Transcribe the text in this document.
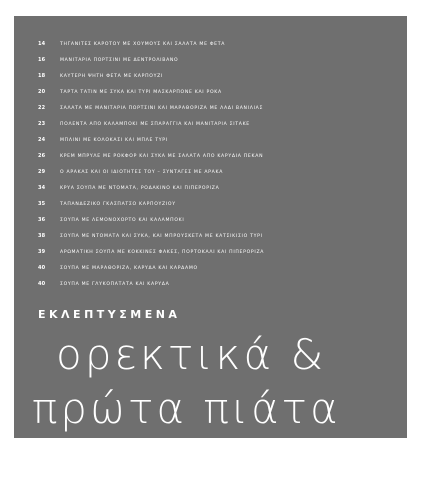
14	ΤΗΓΑΝΙΤΕΣ ΚΑΡΟΤΟΥ ΜΕ ΧΟΥΜΟΥΣ ΚΑΙ ΣΑΛΑΤΑ ΜΕ ΦΕΤΑ
16	ΜΑΝΙΤΑΡΙΑ ΠΟΡΤΣΙΝΙ ΜΕ ΔΕΝΤΡΟΛΙΒΑΝΟ
18	ΚΑΥΤΕΡΗ ΨΗΤΗ ΦΕΤΑ ΜΕ ΚΑΡΠΟΥΖΙ
20	ΤΑΡΤΑ ΤΑΤΙΝ ΜΕ ΣΥΚΑ ΚΑΙ ΤΥΡΙ ΜΑΣΚΑΡΠΟΝΕ ΚΑΙ ΡΟΚΑ
22	ΣΑΛΑΤΑ ΜΕ ΜΑΝΙΤΑΡΙΑ ΠΟΡΤΣΙΝΙ ΚΑΙ ΜΑΡΑΘΟΡΙΖΑ ΜΕ ΛΑΔΙ ΒΑΝΙΛΙΑΣ
23	ΠΟΛΕΝΤΑ ΑΠΟ ΚΑΛΑΜΠΟΚΙ ΜΕ ΣΠΑΡΑΓΓΙΑ ΚΑΙ ΜΑΝΙΤΑΡΙΑ ΣΙΤΑΚΕ
24	ΜΠΛΙΝΙ ΜΕ ΚΟΛΟΚΑΣΙ ΚΑΙ ΜΠΛΕ ΤΥΡΙ
26	ΚΡΕΜ ΜΠΡΥΛΕ ΜΕ ΡΟΚΦΟΡ ΚΑΙ ΣΥΚΑ ΜΕ ΣΑΛΑΤΑ ΑΠΟ ΚΑΡΥΔΙΑ ΠΕΚΑΝ
29	Ο ΑΡΑΚΑΣ ΚΑΙ ΟΙ ΙΔΙΟΤΗΤΕΣ ΤΟΥ – ΣΥΝΤΑΓΕΣ ΜΕ ΑΡΑΚΑ
34	ΚΡΥΑ ΣΟΥΠΑ ΜΕ ΝΤΟΜΑΤΑ, ΡΟΔΑΚΙΝΟ ΚΑΙ ΠΙΠΕΡΟΡΙΖΑ
35	ΤΑΠΑΝΔΕΖΙΚΟ ΓΚΑΣΠΑΤΣΟ ΚΑΡΠΟΥΖΙΟΥ
36	ΣΟΥΠΑ ΜΕ ΛΕΜΟΝΟΧΟΡΤΟ ΚΑΙ ΚΑΛΑΜΠΟΚΙ
38	ΣΟΥΠΑ ΜΕ ΝΤΟΜΑΤΑ ΚΑΙ ΣΥΚΑ, ΚΑΙ ΜΠΡΟΥΣΚΕΤΑ ΜΕ ΚΑΤΣΙΚΙΣΙΟ ΤΥΡΙ
39	ΑΡΩΜΑΤΙΚΗ ΣΟΥΠΑ ΜΕ ΚΟΚΚΙΝΕΣ ΦΑΚΕΣ, ΠΟΡΤΟΚΑΛΙ ΚΑΙ ΠΙΠΕΡΟΡΙΖΑ
40	ΣΟΥΠΑ ΜΕ ΜΑΡΑΘΟΡΙΖΑ, ΚΑΡΥΔΑ ΚΑΙ ΚΑΡΔΑΜΟ
40	ΣΟΥΠΑ ΜΕ ΓΛΥΚΟΠΑΤΑΤΑ ΚΑΙ ΚΑΡΥΔΑ
ΕΚΛΕΠΤΥΣΜΕΝΑ
ορεκτικά &
πρώτα πιάτα
